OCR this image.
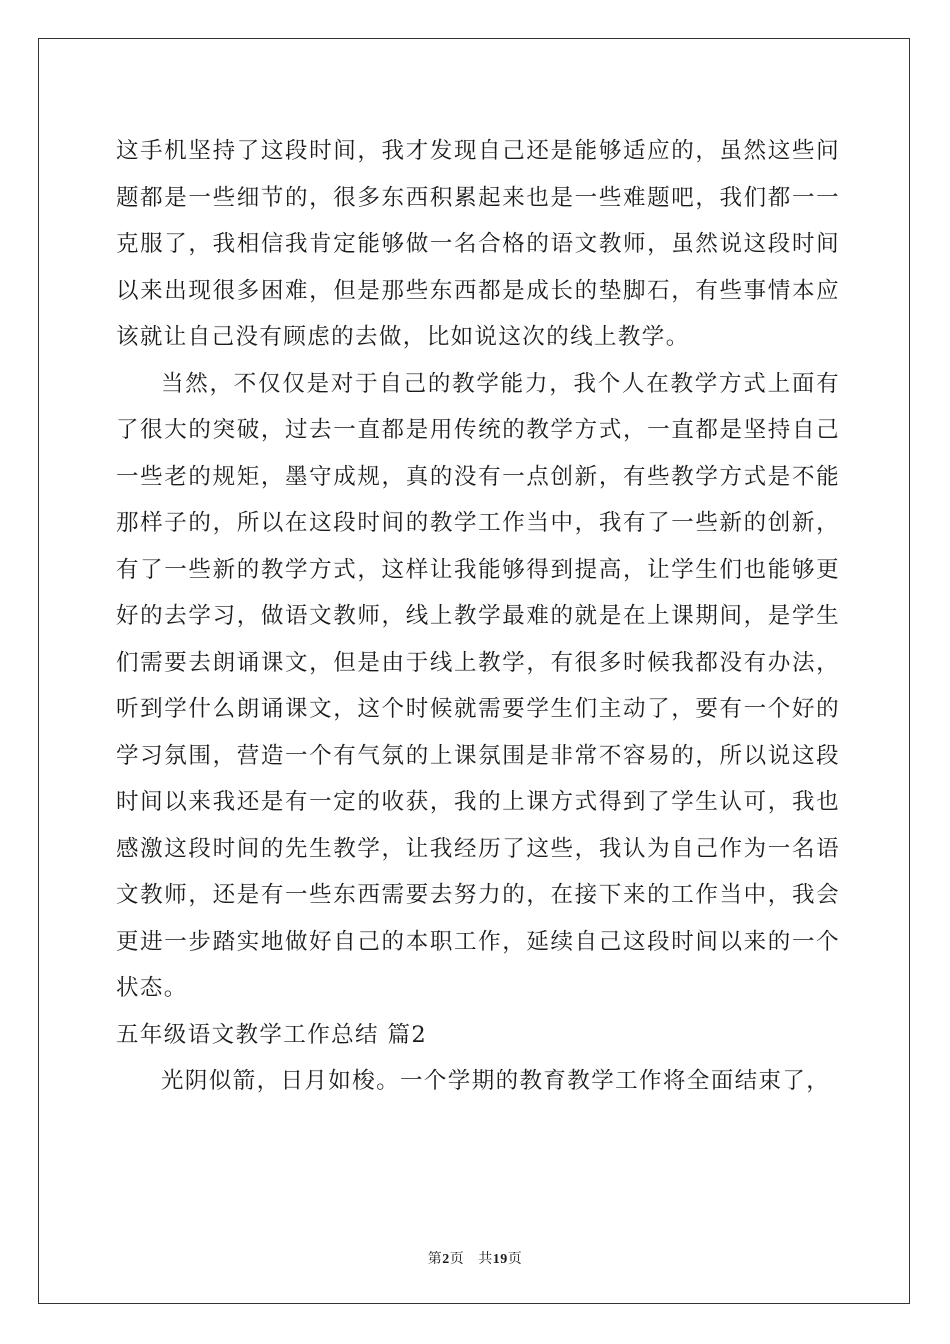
这手机坚持了这段时间，我才发现自己还是能够适应的，虽然这些问题都是一些细节的，很多东西积累起来也是一些难题吧，我们都一一克服了，我相信我肯定能够做一名合格的语文教师，虽然说这段时间以来出现很多困难，但是那些东西都是成长的垫脚石，有些事情本应该就让自己没有顾虑的去做，比如说这次的线上教学。

当然，不仅仅是对于自己的教学能力，我个人在教学方式上面有了很大的突破，过去一直都是用传统的教学方式，一直都是坚持自己一些老的规矩，墨守成规，真的没有一点创新，有些教学方式是不能那样子的，所以在这段时间的教学工作当中，我有了一些新的创新，有了一些新的教学方式，这样让我能够得到提高，让学生们也能够更好的去学习，做语文教师，线上教学最难的就是在上课期间，是学生们需要去朗诵课文，但是由于线上教学，有很多时候我都没有办法，听到学什么朗诵课文，这个时候就需要学生们主动了，要有一个好的学习氛围，营造一个有气氛的上课氛围是非常不容易的，所以说这段时间以来我还是有一定的收获，我的上课方式得到了学生认可，我也感激这段时间的先生教学，让我经历了这些，我认为自己作为一名语文教师，还是有一些东西需要去努力的，在接下来的工作当中，我会更进一步踏实地做好自己的本职工作，延续自己这段时间以来的一个状态。

五年级语文教学工作总结 篇2

光阴似箭，日月如梭。一个学期的教育教学工作将全面结束了，

第2页 共19页
